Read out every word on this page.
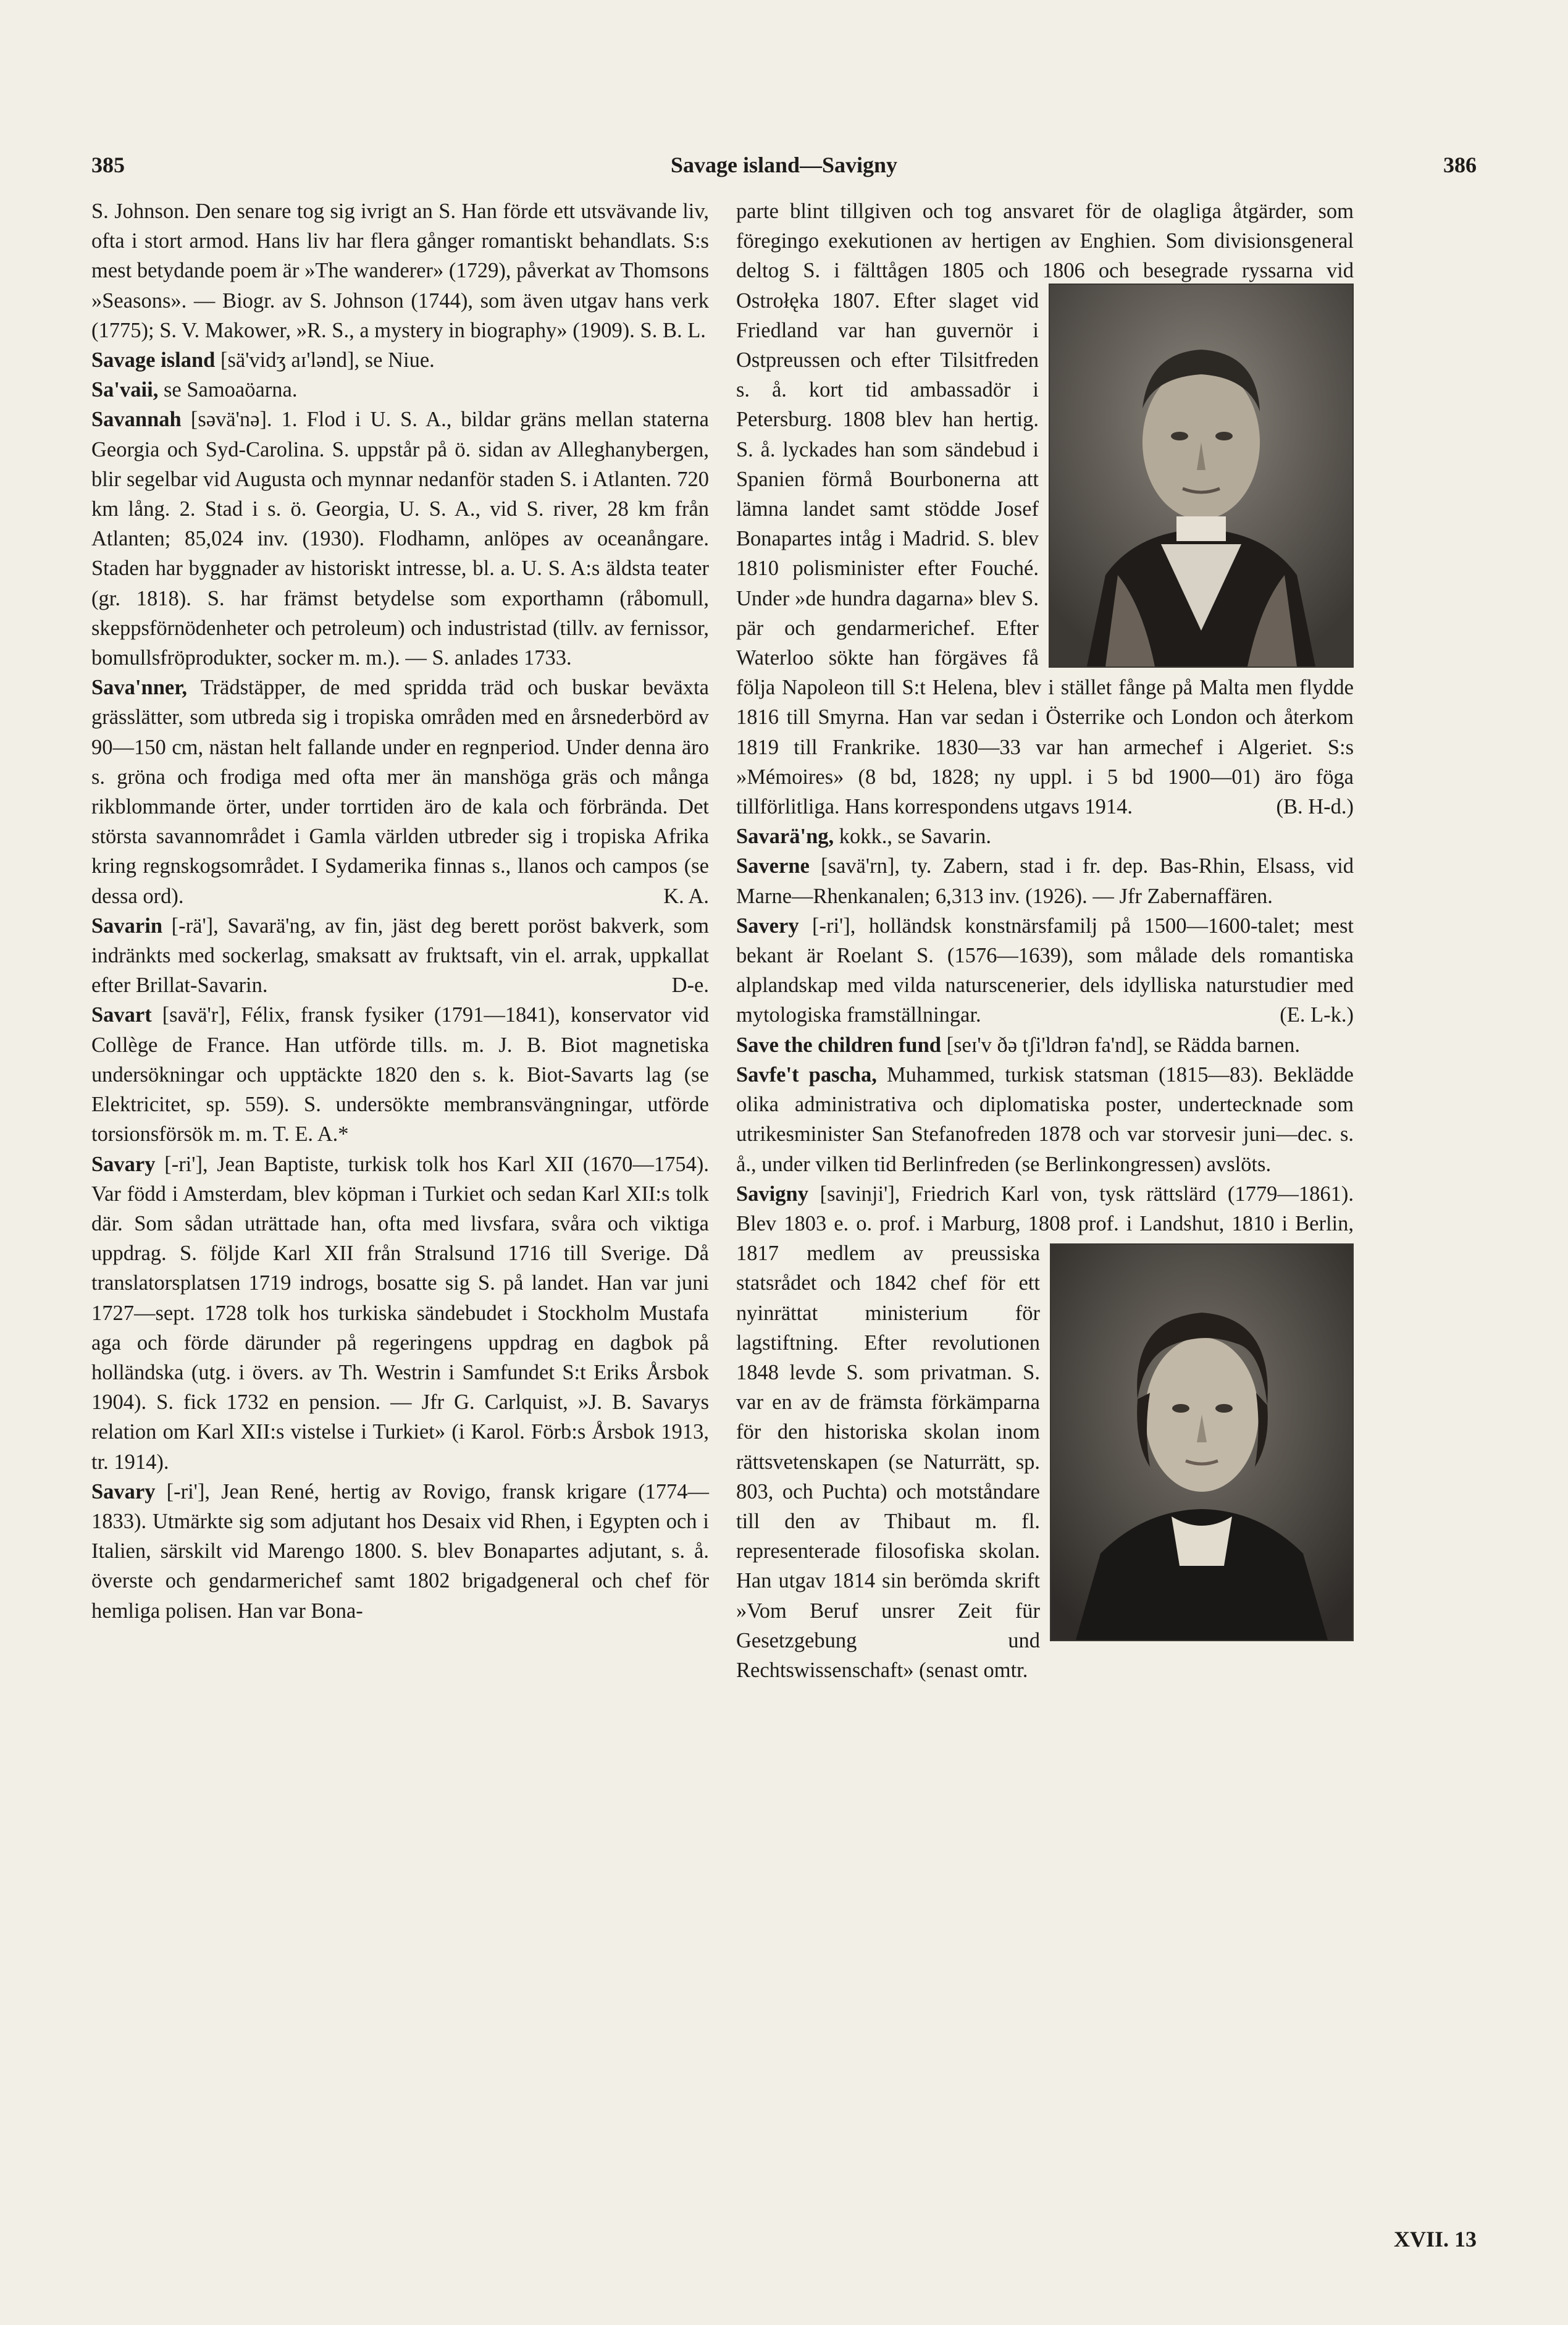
385	Savage island—Savigny	386

S. Johnson. Den senare tog sig ivrigt an S. Han förde ett utsvävande liv, ofta i stort armod. Hans liv har flera gånger romantiskt behandlats. S:s mest betydande poem är »The wanderer» (1729), påverkat av Thomsons »Seasons». — Biogr. av S. Johnson (1744), som även utgav hans verk (1775); S. V. Makower, »R. S., a mystery in biography» (1909). S. B. L.

Savage island [sä'vidʒ aɪ'lənd], se Niue.

Sa'vaii, se Samoaöarna.

Savannah [səvä'nə]. 1. Flod i U. S. A., bildar gräns mellan staterna Georgia och Syd-Carolina. S. uppstår på ö. sidan av Alleghanybergen, blir segelbar vid Augusta och mynnar nedanför staden S. i Atlanten. 720 km lång. 2. Stad i s. ö. Georgia, U. S. A., vid S. river, 28 km från Atlanten; 85,024 inv. (1930). Flodhamn, anlöpes av oceanångare. Staden har byggnader av historiskt intresse, bl. a. U. S. A:s äldsta teater (gr. 1818). S. har främst betydelse som exporthamn (råbomull, skeppsförnödenheter och petroleum) och industristad (tillv. av fernissor, bomullsfröprodukter, socker m. m.). — S. anlades 1733.

Sava'nner, Trädstäpper, de med spridda träd och buskar beväxta grässlätter, som utbreda sig i tropiska områden med en årsnederbörd av 90—150 cm, nästan helt fallande under en regnperiod. Under denna äro s. gröna och frodiga med ofta mer än manshöga gräs och många rikblommande örter, under torrtiden äro de kala och förbrända. Det största savannområdet i Gamla världen utbreder sig i tropiska Afrika kring regnskogsområdet. I Sydamerika finnas s., llanos och campos (se dessa ord).	K. A.

Savarin [-rä'], Savarä'ng, av fin, jäst deg berett poröst bakverk, som indränkts med sockerlag, smaksatt av fruktsaft, vin el. arrak, uppkallat efter Brillat-Savarin.	D-e.

Savart [savä'r], Félix, fransk fysiker (1791—1841), konservator vid Collège de France. Han utförde tills. m. J. B. Biot magnetiska undersökningar och upptäckte 1820 den s. k. Biot-Savarts lag (se Elektricitet, sp. 559). S. undersökte membransvängningar, utförde torsionsförsök m. m. T. E. A.*

Savary [-ri'], Jean Baptiste, turkisk tolk hos Karl XII (1670—1754). Var född i Amsterdam, blev köpman i Turkiet och sedan Karl XII:s tolk där. Som sådan uträttade han, ofta med livsfara, svåra och viktiga uppdrag. S. följde Karl XII från Stralsund 1716 till Sverige. Då translatorsplatsen 1719 indrogs, bosatte sig S. på landet. Han var juni 1727—sept. 1728 tolk hos turkiska sändebudet i Stockholm Mustafa aga och förde därunder på regeringens uppdrag en dagbok på holländska (utg. i övers. av Th. Westrin i Samfundet S:t Eriks Årsbok 1904). S. fick 1732 en pension. — Jfr G. Carlquist, »J. B. Savarys relation om Karl XII:s vistelse i Turkiet» (i Karol. Förb:s Årsbok 1913, tr. 1914).

Savary [-ri'], Jean René, hertig av Rovigo, fransk krigare (1774—1833). Utmärkte sig som adjutant hos Desaix vid Rhen, i Egypten och i Italien, särskilt vid Marengo 1800. S. blev Bonapartes adjutant, s. å. överste och gendarmerichef samt 1802 brigadgeneral och chef för hemliga polisen. Han var Bona-

parte blint tillgiven och tog ansvaret för de olagliga åtgärder, som föregingo exekutionen av hertigen av Enghien. Som divisionsgeneral deltog S. i fälttågen 1805 och 1806 och besegrade ryssarna vid Ostrołęka 1807. Efter slaget vid Friedland var han guvernör i Ostpreussen och efter Tilsitfreden s. å. kort tid ambassadör i Petersburg. 1808 blev han hertig. S. å. lyckades han som sändebud i Spanien förmå Bourbonerna att lämna landet samt stödde Josef Bonapartes intåg i Madrid. S. blev 1810 polisminister efter Fouché. Under »de hundra dagarna» blev S. pär och gendarmerichef. Efter Waterloo sökte han förgäves få följa Napoleon till S:t Helena, blev i stället fånge på Malta men flydde 1816 till Smyrna. Han var sedan i Österrike och London och återkom 1819 till Frankrike. 1830—33 var han armechef i Algeriet. S:s »Mémoires» (8 bd, 1828; ny uppl. i 5 bd 1900—01) äro föga tillförlitliga. Hans korrespondens utgavs 1914.	(B. H-d.)

Savarä'ng, kokk., se Savarin.

Saverne [savä'rn], ty. Zabern, stad i fr. dep. Bas-Rhin, Elsass, vid Marne—Rhenkanalen; 6,313 inv. (1926). — Jfr Zabernaffären.

Savery [-ri'], holländsk konstnärsfamilj på 1500—1600-talet; mest bekant är Roelant S. (1576—1639), som målade dels romantiska alplandskap med vilda naturscenerier, dels idylliska naturstudier med mytologiska framställningar.	(E. L-k.)

Save the children fund [seɪ'v ðə tʃi'ldrən fa'nd], se Rädda barnen.

Savfe't pascha, Muhammed, turkisk statsman (1815—83). Beklädde olika administrativa och diplomatiska poster, undertecknade som utrikesminister San Stefanofreden 1878 och var storvesir juni—dec. s. å., under vilken tid Berlinfreden (se Berlinkongressen) avslöts.

Savigny [savinji'], Friedrich Karl von, tysk rättslärd (1779—1861). Blev 1803 e. o. prof. i Marburg, 1808 prof. i Landshut, 1810 i Berlin, 1817 medlem av preussiska
statsrådet och 1842 chef för ett nyinrättat ministerium för lagstiftning. Efter revolutionen 1848 levde S. som privatman. S. var en av de främsta förkämparna för den historiska skolan inom rättsvetenskapen (se Naturrätt, sp. 803, och Puchta) och motståndare till den av Thibaut m. fl. representerade filosofiska skolan. Han utgav 1814 sin berömda skrift »Vom Beruf unsrer Zeit für Gesetzgebung und Rechtswissenschaft» (senast omtr.

XVII. 13
